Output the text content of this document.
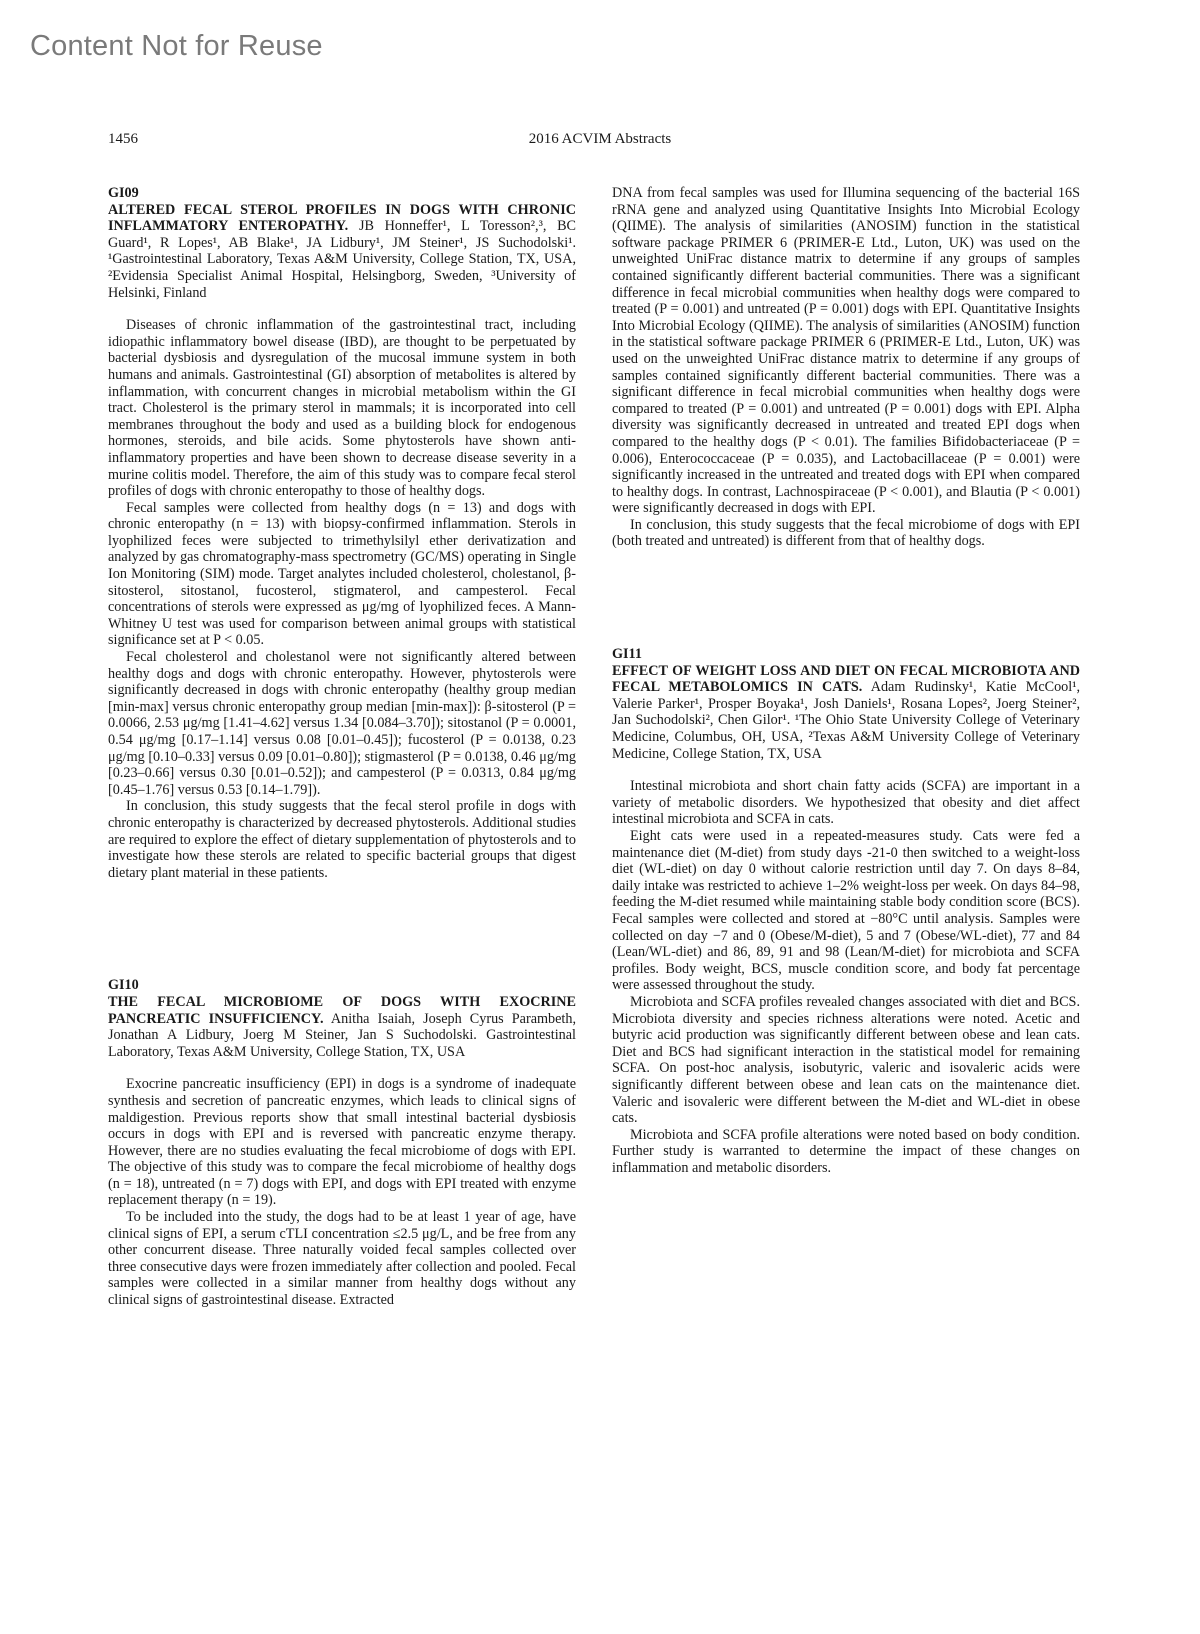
Content Not for Reuse
1456	2016 ACVIM Abstracts
GI09
ALTERED FECAL STEROL PROFILES IN DOGS WITH CHRONIC INFLAMMATORY ENTEROPATHY. JB Honneffer¹, L Toresson²,³, BC Guard¹, R Lopes¹, AB Blake¹, JA Lidbury¹, JM Steiner¹, JS Suchodolski¹. ¹Gastrointestinal Laboratory, Texas A&M University, College Station, TX, USA, ²Evidensia Specialist Animal Hospital, Helsingborg, Sweden, ³University of Helsinki, Finland

Diseases of chronic inflammation of the gastrointestinal tract, including idiopathic inflammatory bowel disease (IBD), are thought to be perpetuated by bacterial dysbiosis and dysregulation of the mucosal immune system in both humans and animals. Gastrointestinal (GI) absorption of metabolites is altered by inflammation, with concurrent changes in microbial metabolism within the GI tract. Cholesterol is the primary sterol in mammals; it is incorporated into cell membranes throughout the body and used as a building block for endogenous hormones, steroids, and bile acids. Some phytosterols have shown anti-inflammatory properties and have been shown to decrease disease severity in a murine colitis model. Therefore, the aim of this study was to compare fecal sterol profiles of dogs with chronic enteropathy to those of healthy dogs.

Fecal samples were collected from healthy dogs (n = 13) and dogs with chronic enteropathy (n = 13) with biopsy-confirmed inflammation. Sterols in lyophilized feces were subjected to trimethylsilyl ether derivatization and analyzed by gas chromatography-mass spectrometry (GC/MS) operating in Single Ion Monitoring (SIM) mode. Target analytes included cholesterol, cholestanol, β-sitosterol, sitostanol, fucosterol, stigmaterol, and campesterol. Fecal concentrations of sterols were expressed as μg/mg of lyophilized feces. A Mann-Whitney U test was used for comparison between animal groups with statistical significance set at P < 0.05.

Fecal cholesterol and cholestanol were not significantly altered between healthy dogs and dogs with chronic enteropathy. However, phytosterols were significantly decreased in dogs with chronic enteropathy (healthy group median [min-max] versus chronic enteropathy group median [min-max]): β-sitosterol (P = 0.0066, 2.53 μg/mg [1.41–4.62] versus 1.34 [0.084–3.70]); sitostanol (P = 0.0001, 0.54 μg/mg [0.17–1.14] versus 0.08 [0.01–0.45]); fucosterol (P = 0.0138, 0.23 μg/mg [0.10–0.33] versus 0.09 [0.01–0.80]); stigmasterol (P = 0.0138, 0.46 μg/mg [0.23–0.66] versus 0.30 [0.01–0.52]); and campesterol (P = 0.0313, 0.84 μg/mg [0.45–1.76] versus 0.53 [0.14–1.79]).

In conclusion, this study suggests that the fecal sterol profile in dogs with chronic enteropathy is characterized by decreased phytosterols. Additional studies are required to explore the effect of dietary supplementation of phytosterols and to investigate how these sterols are related to specific bacterial groups that digest dietary plant material in these patients.

GI10
THE FECAL MICROBIOME OF DOGS WITH EXOCRINE PANCREATIC INSUFFICIENCY. Anitha Isaiah, Joseph Cyrus Parambeth, Jonathan A Lidbury, Joerg M Steiner, Jan S Suchodolski. Gastrointestinal Laboratory, Texas A&M University, College Station, TX, USA

Exocrine pancreatic insufficiency (EPI) in dogs is a syndrome of inadequate synthesis and secretion of pancreatic enzymes, which leads to clinical signs of maldigestion. Previous reports show that small intestinal bacterial dysbiosis occurs in dogs with EPI and is reversed with pancreatic enzyme therapy. However, there are no studies evaluating the fecal microbiome of dogs with EPI. The objective of this study was to compare the fecal microbiome of healthy dogs (n = 18), untreated (n = 7) dogs with EPI, and dogs with EPI treated with enzyme replacement therapy (n = 19).

To be included into the study, the dogs had to be at least 1 year of age, have clinical signs of EPI, a serum cTLI concentration ≤2.5 μg/L, and be free from any other concurrent disease. Three naturally voided fecal samples collected over three consecutive days were frozen immediately after collection and pooled. Fecal samples were collected in a similar manner from healthy dogs without any clinical signs of gastrointestinal disease. Extracted

DNA from fecal samples was used for Illumina sequencing of the bacterial 16S rRNA gene and analyzed using Quantitative Insights Into Microbial Ecology (QIIME). The analysis of similarities (ANOSIM) function in the statistical software package PRIMER 6 (PRIMER-E Ltd., Luton, UK) was used on the unweighted UniFrac distance matrix to determine if any groups of samples contained significantly different bacterial communities. There was a significant difference in fecal microbial communities when healthy dogs were compared to treated (P = 0.001) and untreated (P = 0.001) dogs with EPI. Quantitative Insights Into Microbial Ecology (QIIME). The analysis of similarities (ANOSIM) function in the statistical software package PRIMER 6 (PRIMER-E Ltd., Luton, UK) was used on the unweighted UniFrac distance matrix to determine if any groups of samples contained significantly different bacterial communities. There was a significant difference in fecal microbial communities when healthy dogs were compared to treated (P = 0.001) and untreated (P = 0.001) dogs with EPI. Alpha diversity was significantly decreased in untreated and treated EPI dogs when compared to the healthy dogs (P < 0.01). The families Bifidobacteriaceae (P = 0.006), Enterococcaceae (P = 0.035), and Lactobacillaceae (P = 0.001) were significantly increased in the untreated and treated dogs with EPI when compared to healthy dogs. In contrast, Lachnospiraceae (P < 0.001), and Blautia (P < 0.001) were significantly decreased in dogs with EPI.

In conclusion, this study suggests that the fecal microbiome of dogs with EPI (both treated and untreated) is different from that of healthy dogs.

GI11
EFFECT OF WEIGHT LOSS AND DIET ON FECAL MICROBIOTA AND FECAL METABOLOMICS IN CATS. Adam Rudinsky¹, Katie McCool¹, Valerie Parker¹, Prosper Boyaka¹, Josh Daniels¹, Rosana Lopes², Joerg Steiner², Jan Suchodolski², Chen Gilor¹. ¹The Ohio State University College of Veterinary Medicine, Columbus, OH, USA, ²Texas A&M University College of Veterinary Medicine, College Station, TX, USA

Intestinal microbiota and short chain fatty acids (SCFA) are important in a variety of metabolic disorders. We hypothesized that obesity and diet affect intestinal microbiota and SCFA in cats.

Eight cats were used in a repeated-measures study. Cats were fed a maintenance diet (M-diet) from study days -21-0 then switched to a weight-loss diet (WL-diet) on day 0 without calorie restriction until day 7. On days 8–84, daily intake was restricted to achieve 1–2% weight-loss per week. On days 84–98, feeding the M-diet resumed while maintaining stable body condition score (BCS). Fecal samples were collected and stored at −80°C until analysis. Samples were collected on day −7 and 0 (Obese/M-diet), 5 and 7 (Obese/WL-diet), 77 and 84 (Lean/WL-diet) and 86, 89, 91 and 98 (Lean/M-diet) for microbiota and SCFA profiles. Body weight, BCS, muscle condition score, and body fat percentage were assessed throughout the study.

Microbiota and SCFA profiles revealed changes associated with diet and BCS. Microbiota diversity and species richness alterations were noted. Acetic and butyric acid production was significantly different between obese and lean cats. Diet and BCS had significant interaction in the statistical model for remaining SCFA. On post-hoc analysis, isobutyric, valeric and isovaleric acids were significantly different between obese and lean cats on the maintenance diet. Valeric and isovaleric were different between the M-diet and WL-diet in obese cats.

Microbiota and SCFA profile alterations were noted based on body condition. Further study is warranted to determine the impact of these changes on inflammation and metabolic disorders.
